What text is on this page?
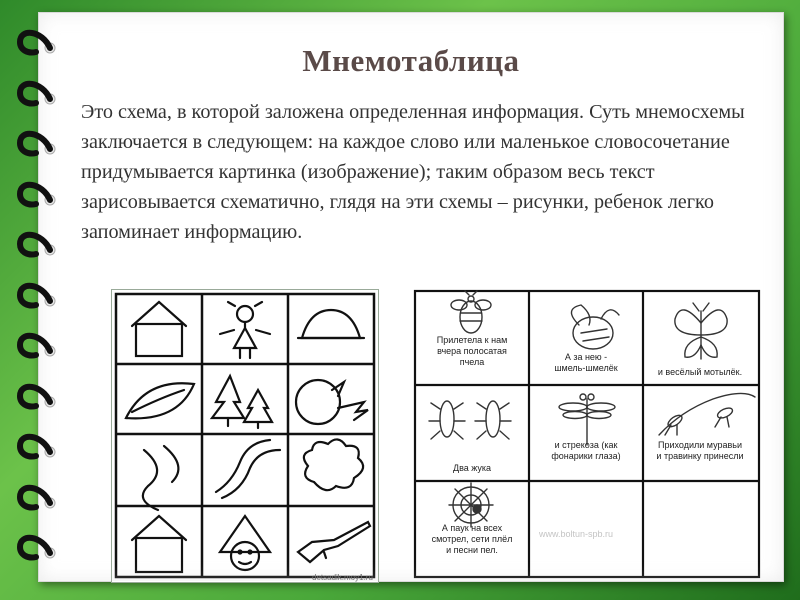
Мнемотаблица
Это схема, в которой заложена определенная информация. Суть мнемосхемы заключается в следующем: на каждое слово или маленькое словосочетание придумывается картинка (изображение); таким образом весь текст зарисовывается схематично, глядя на эти схемы – рисунки, ребенок легко запоминает информацию.
detsadik.moy1.ru
Прилетела к нам
вчера полосатая
пчела	А за нею -
шмель-шмелёк	и весёлый мотылёк.
Два жука
и стрекоза (как
фонарики глаза)
Приходили муравьи
и травинку принесли
А паук на всех
смотрел, сети плёл
и песни пел.
www.boltun-spb.ru
